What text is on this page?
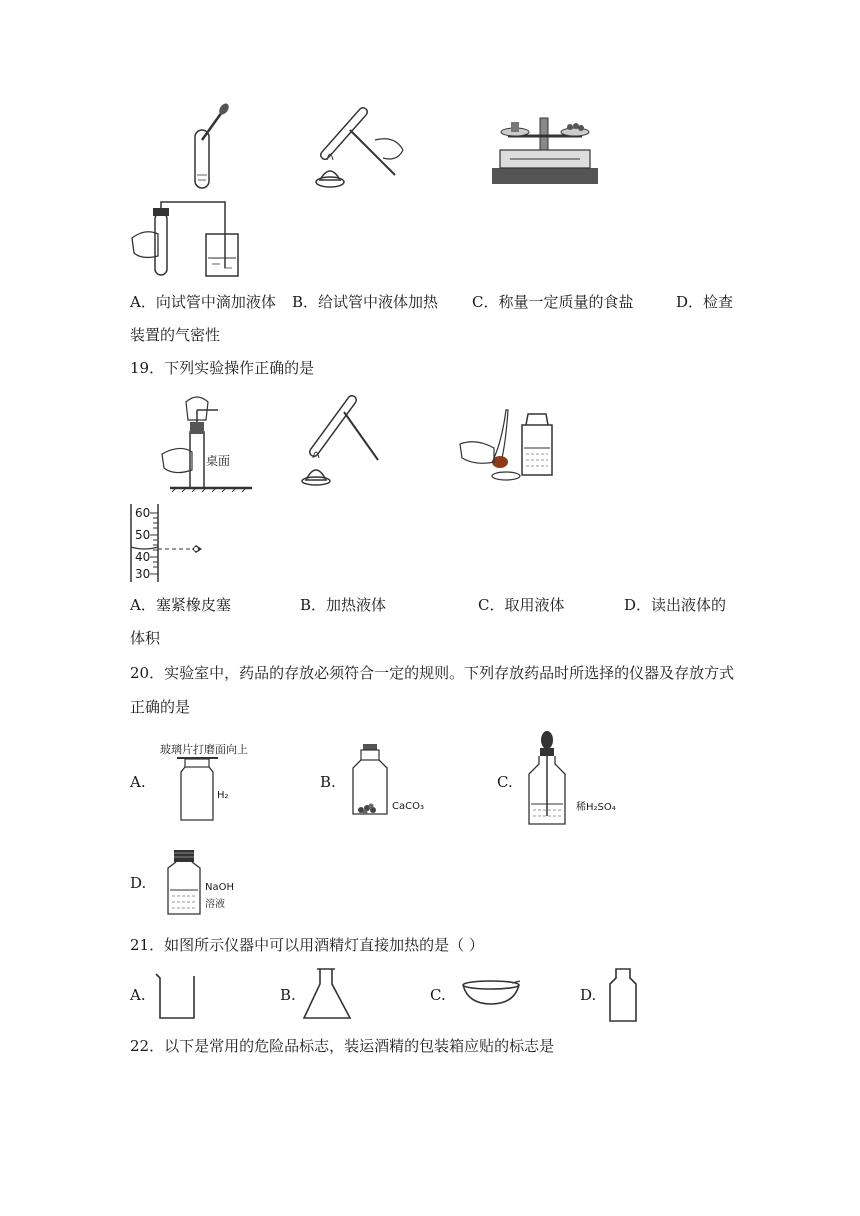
A．向试管中滴加液体 B．给试管中液体加热 C．称量一定质量的食盐	D．检查
装置的气密性
19．下列实验操作正确的是
桌面
60
50
40
30
A．塞紧橡皮塞	B．加热液体	C．取用液体	D．读出液体的
体积
20．实验室中，药品的存放必须符合一定的规则。下列存放药品时所选择的仪器及存放方式
正确的是
A.
玻璃片打磨面向上
H₂
B.
CaCO₃
C.
稀H₂SO₄
D.	NaOH
溶液
21．如图所示仪器中可以用酒精灯直接加热的是（ ）
A.	B.	C.	D.
22．以下是常用的危险品标志，装运酒精的包装箱应贴的标志是
